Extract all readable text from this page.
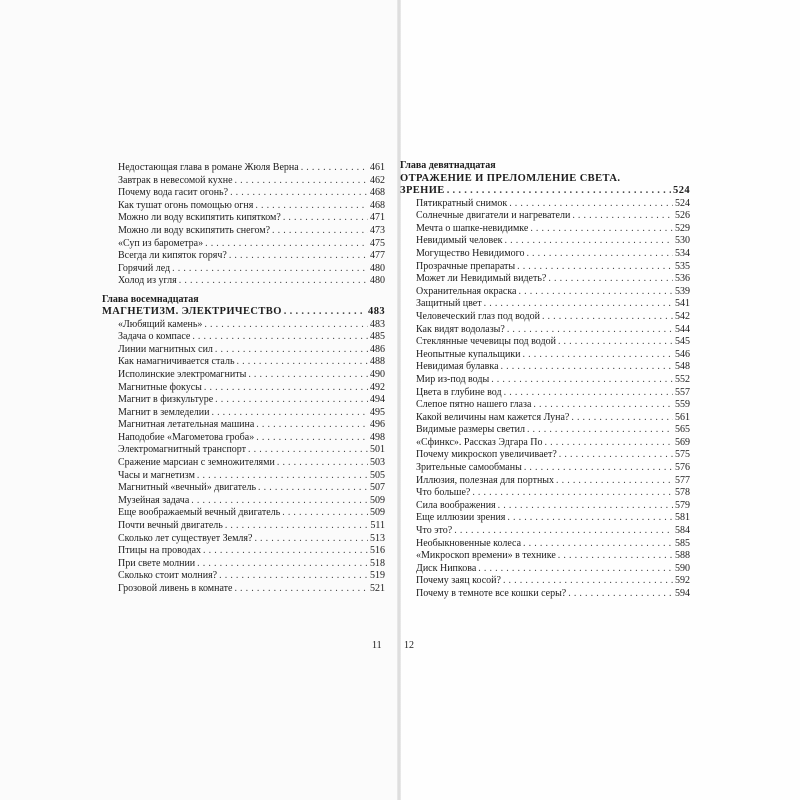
Недостающая глава в романе Жюля Верна . . .	461
Завтрак в невесомой кухне . . .	462
Почему вода гасит огонь? . . .	468
Как тушат огонь помощью огня . . .	468
Можно ли воду вскипятить кипятком? . . .	471
Можно ли воду вскипятить снегом? . . .	473
«Суп из барометра» . . .	475
Всегда ли кипяток горяч? . . .	477
Горячий лед . . .	480
Холод из угля . . .	480
Глава восемнадцатая
МАГНЕТИЗМ. ЭЛЕКТРИЧЕСТВО . . .	483
«Любящий камень» . . .	483
Задача о компасе . . .	485
Линии магнитных сил . . .	486
Как намагничивается сталь . . .	488
Исполинские электромагниты . . .	490
Магнитные фокусы . . .	492
Магнит в физкультуре . . .	494
Магнит в земледелии . . .	495
Магнитная летательная машина . . .	496
Наподобие «Магометова гроба» . . .	498
Электромагнитный транспорт . . .	501
Сражение марсиан с земножителями . . .	503
Часы и магнетизм . . .	505
Магнитный «вечный» двигатель . . .	507
Музейная задача . . .	509
Еще воображаемый вечный двигатель . . .	509
Почти вечный двигатель . . .	511
Сколько лет существует Земля? . . .	513
Птицы на проводах . . .	516
При свете молнии . . .	518
Сколько стоит молния? . . .	519
Грозовой ливень в комнате . . .	521
11
Глава девятнадцатая
ОТРАЖЕНИЕ И ПРЕЛОМЛЕНИЕ СВЕТА.
ЗРЕНИЕ . . .	524
Пятикратный снимок . . .	524
Солнечные двигатели и нагреватели . . .	526
Мечта о шапке-невидимке . . .	529
Невидимый человек . . .	530
Могущество Невидимого . . .	534
Прозрачные препараты . . .	535
Может ли Невидимый видеть? . . .	536
Охранительная окраска . . .	539
Защитный цвет . . .	541
Человеческий глаз под водой . . .	542
Как видят водолазы? . . .	544
Стеклянные чечевицы под водой . . .	545
Неопытные купальщики . . .	546
Невидимая булавка . . .	548
Мир из-под воды . . .	552
Цвета в глубине вод . . .	557
Слепое пятно нашего глаза . . .	559
Какой величины нам кажется Луна? . . .	561
Видимые размеры светил . . .	565
«Сфинкс». Рассказ Эдгара По . . .	569
Почему микроскоп увеличивает? . . .	575
Зрительные самообманы . . .	576
Иллюзия, полезная для портных . . .	577
Что больше? . . .	578
Сила воображения . . .	579
Еще иллюзии зрения . . .	581
Что это? . . .	584
Необыкновенные колеса . . .	585
«Микроскоп времени» в технике . . .	588
Диск Нипкова . . .	590
Почему заяц косой? . . .	592
Почему в темноте все кошки серы? . . .	594
12
